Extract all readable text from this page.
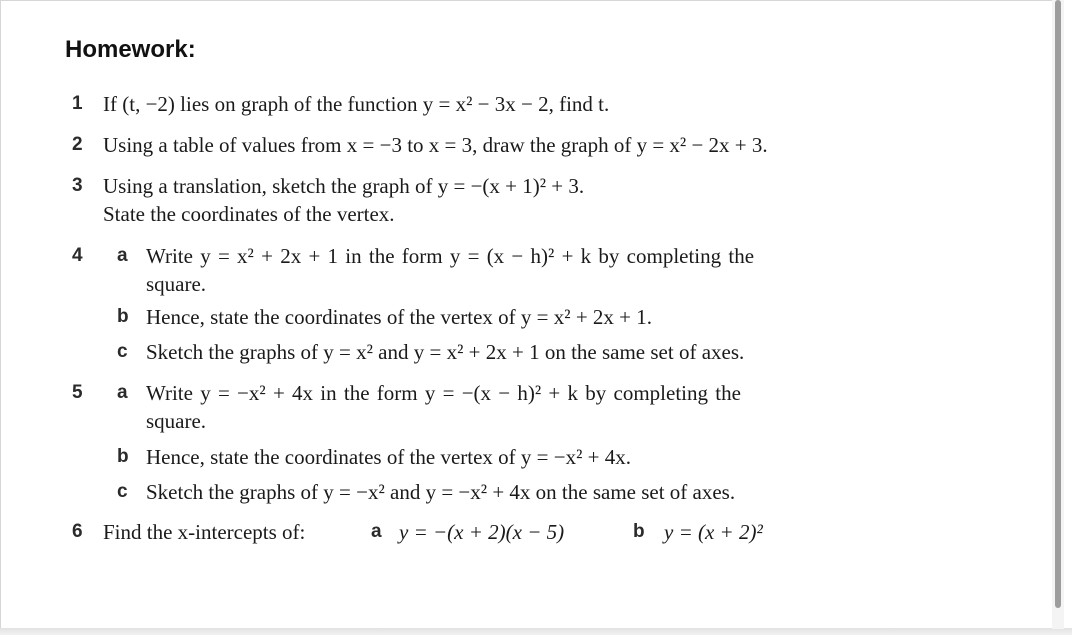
Homework:
1 If (t, −2) lies on graph of the function y = x² − 3x − 2, find t.
2 Using a table of values from x = −3 to x = 3, draw the graph of y = x² − 2x + 3.
3 Using a translation, sketch the graph of y = −(x + 1)² + 3.
State the coordinates of the vertex.
4 a Write y = x² + 2x + 1 in the form y = (x − h)² + k by completing the
square.
b Hence, state the coordinates of the vertex of y = x² + 2x + 1.
c Sketch the graphs of y = x² and y = x² + 2x + 1 on the same set of axes.
5 a Write y = −x² + 4x in the form y = −(x − h)² + k by completing the
square.
b Hence, state the coordinates of the vertex of y = −x² + 4x.
c Sketch the graphs of y = −x² and y = −x² + 4x on the same set of axes.
6 Find the x-intercepts of:	a y = −(x + 2)(x − 5)	b y = (x + 2)²
